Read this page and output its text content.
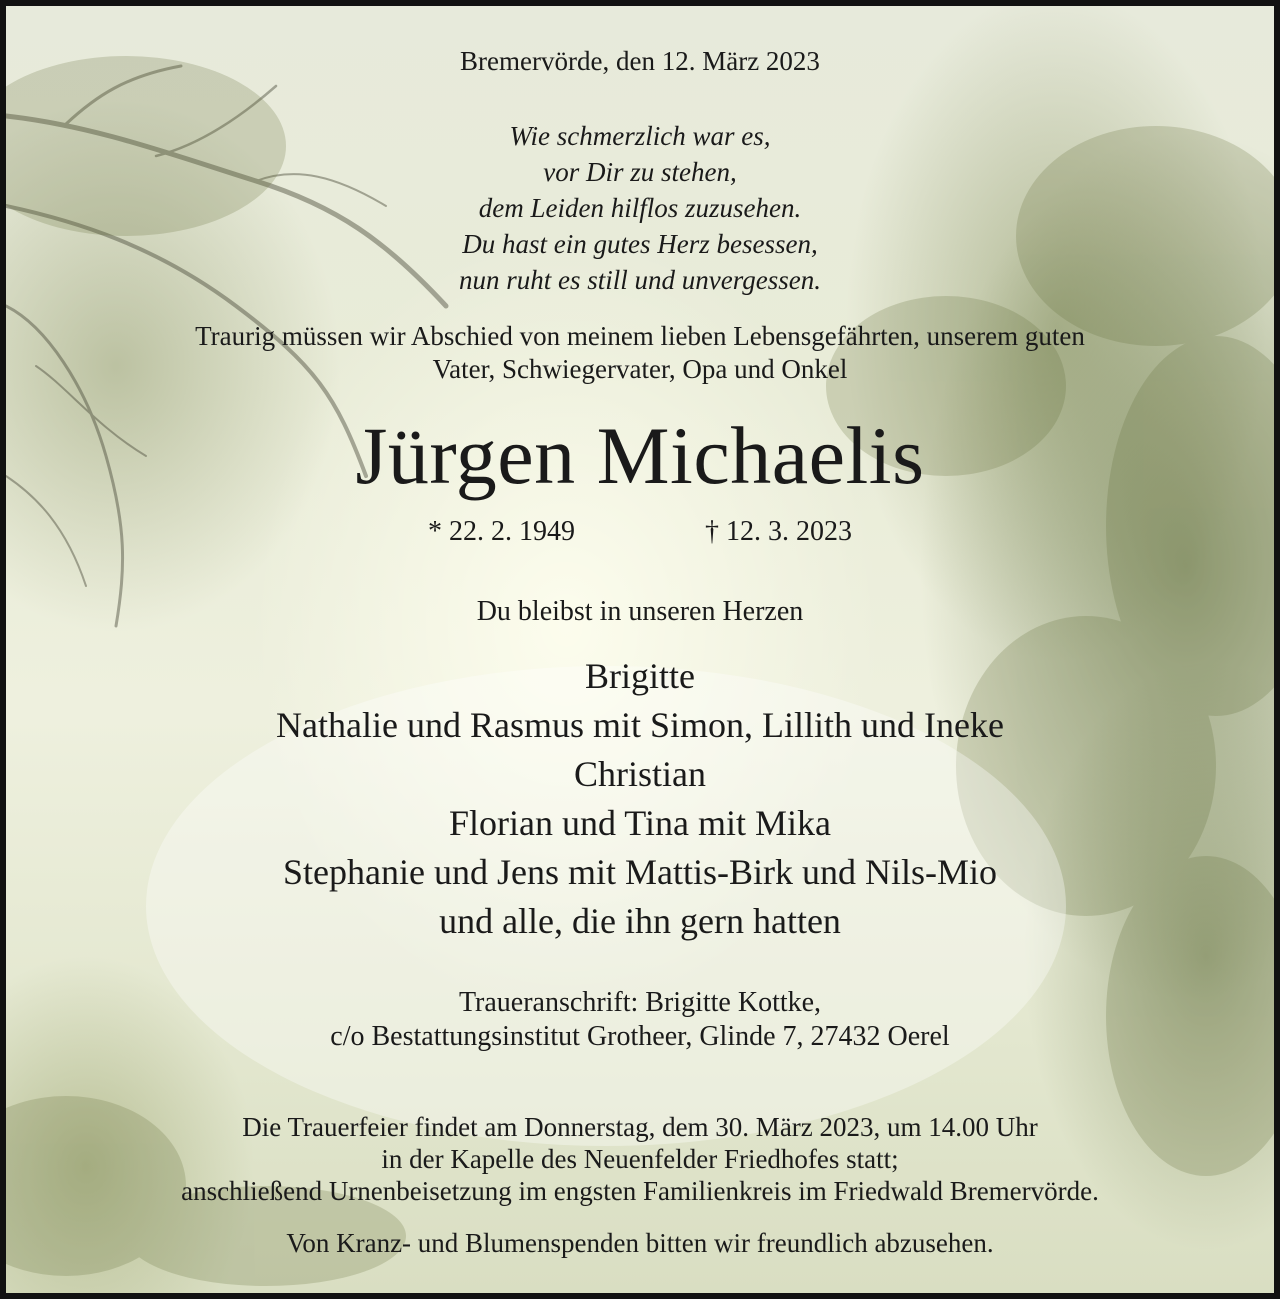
Bremervörde, den 12. März 2023
Wie schmerzlich war es,
vor Dir zu stehen,
dem Leiden hilflos zuzusehen.
Du hast ein gutes Herz besessen,
nun ruht es still und unvergessen.
Traurig müssen wir Abschied von meinem lieben Lebensgefährten, unserem guten
Vater, Schwiegervater, Opa und Onkel
Jürgen Michaelis
* 22. 2. 1949	† 12. 3. 2023
Du bleibst in unseren Herzen
Brigitte
Nathalie und Rasmus mit Simon, Lillith und Ineke
Christian
Florian und Tina mit Mika
Stephanie und Jens mit Mattis-Birk und Nils-Mio
und alle, die ihn gern hatten
Traueranschrift: Brigitte Kottke,
c/o Bestattungsinstitut Grotheer, Glinde 7, 27432 Oerel
Die Trauerfeier findet am Donnerstag, dem 30. März 2023, um 14.00 Uhr
in der Kapelle des Neuenfelder Friedhofes statt;
anschließend Urnenbeisetzung im engsten Familienkreis im Friedwald Bremervörde.
Von Kranz- und Blumenspenden bitten wir freundlich abzusehen.
